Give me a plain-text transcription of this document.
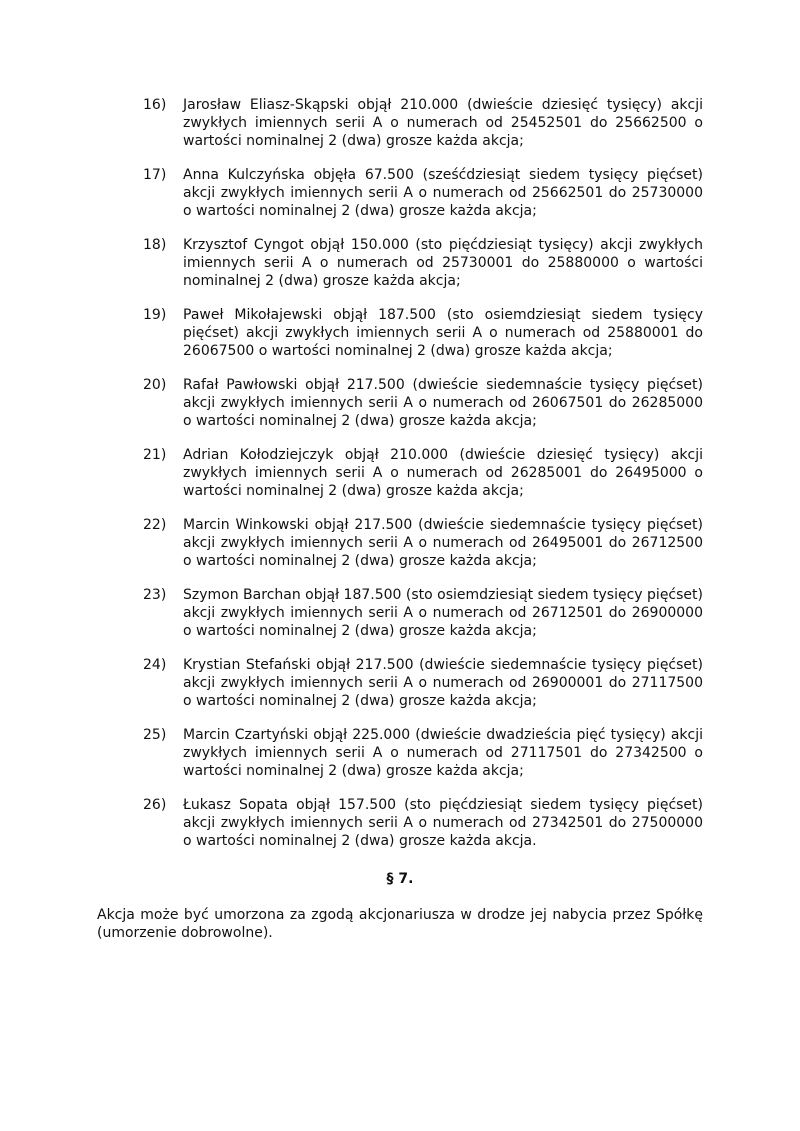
16)	Jarosław Eliasz-Skąpski objął 210.000 (dwieście dziesięć tysięcy) akcji zwykłych imiennych serii A o numerach od 25452501 do 25662500 o wartości nominalnej 2 (dwa) grosze każda akcja;
17)	Anna Kulczyńska objęła 67.500 (sześćdziesiąt siedem tysięcy pięćset) akcji zwykłych imiennych serii A o numerach od 25662501 do 25730000 o wartości nominalnej 2 (dwa) grosze każda akcja;
18)	Krzysztof Cyngot objął 150.000 (sto pięćdziesiąt tysięcy) akcji zwykłych imiennych serii A o numerach od 25730001 do 25880000 o wartości nominalnej 2 (dwa) grosze każda akcja;
19)	Paweł Mikołajewski objął 187.500 (sto osiemdziesiąt siedem tysięcy pięćset) akcji zwykłych imiennych serii A o numerach od 25880001 do 26067500 o wartości nominalnej 2 (dwa) grosze każda akcja;
20)	Rafał Pawłowski objął 217.500 (dwieście siedemnaście tysięcy pięćset) akcji zwykłych imiennych serii A o numerach od 26067501 do 26285000 o wartości nominalnej 2 (dwa) grosze każda akcja;
21)	Adrian Kołodziejczyk objął 210.000 (dwieście dziesięć tysięcy) akcji zwykłych imiennych serii A o numerach od 26285001 do 26495000 o wartości nominalnej 2 (dwa) grosze każda akcja;
22)	Marcin Winkowski objął 217.500 (dwieście siedemnaście tysięcy pięćset) akcji zwykłych imiennych serii A o numerach od 26495001 do 26712500 o wartości nominalnej 2 (dwa) grosze każda akcja;
23)	Szymon Barchan objął 187.500 (sto osiemdziesiąt siedem tysięcy pięćset) akcji zwykłych imiennych serii A o numerach od 26712501 do 26900000 o wartości nominalnej 2 (dwa) grosze każda akcja;
24)	Krystian Stefański objął 217.500 (dwieście siedemnaście tysięcy pięćset) akcji zwykłych imiennych serii A o numerach od 26900001 do 27117500 o wartości nominalnej 2 (dwa) grosze każda akcja;
25)	Marcin Czartyński objął 225.000 (dwieście dwadzieścia pięć tysięcy) akcji zwykłych imiennych serii A o numerach od 27117501 do 27342500 o wartości nominalnej 2 (dwa) grosze każda akcja;
26)	Łukasz Sopata objął 157.500 (sto pięćdziesiąt siedem tysięcy pięćset) akcji zwykłych imiennych serii A o numerach od 27342501 do 27500000 o wartości nominalnej 2 (dwa) grosze każda akcja.
§ 7.
Akcja może być umorzona za zgodą akcjonariusza w drodze jej nabycia przez Spółkę (umorzenie dobrowolne).
